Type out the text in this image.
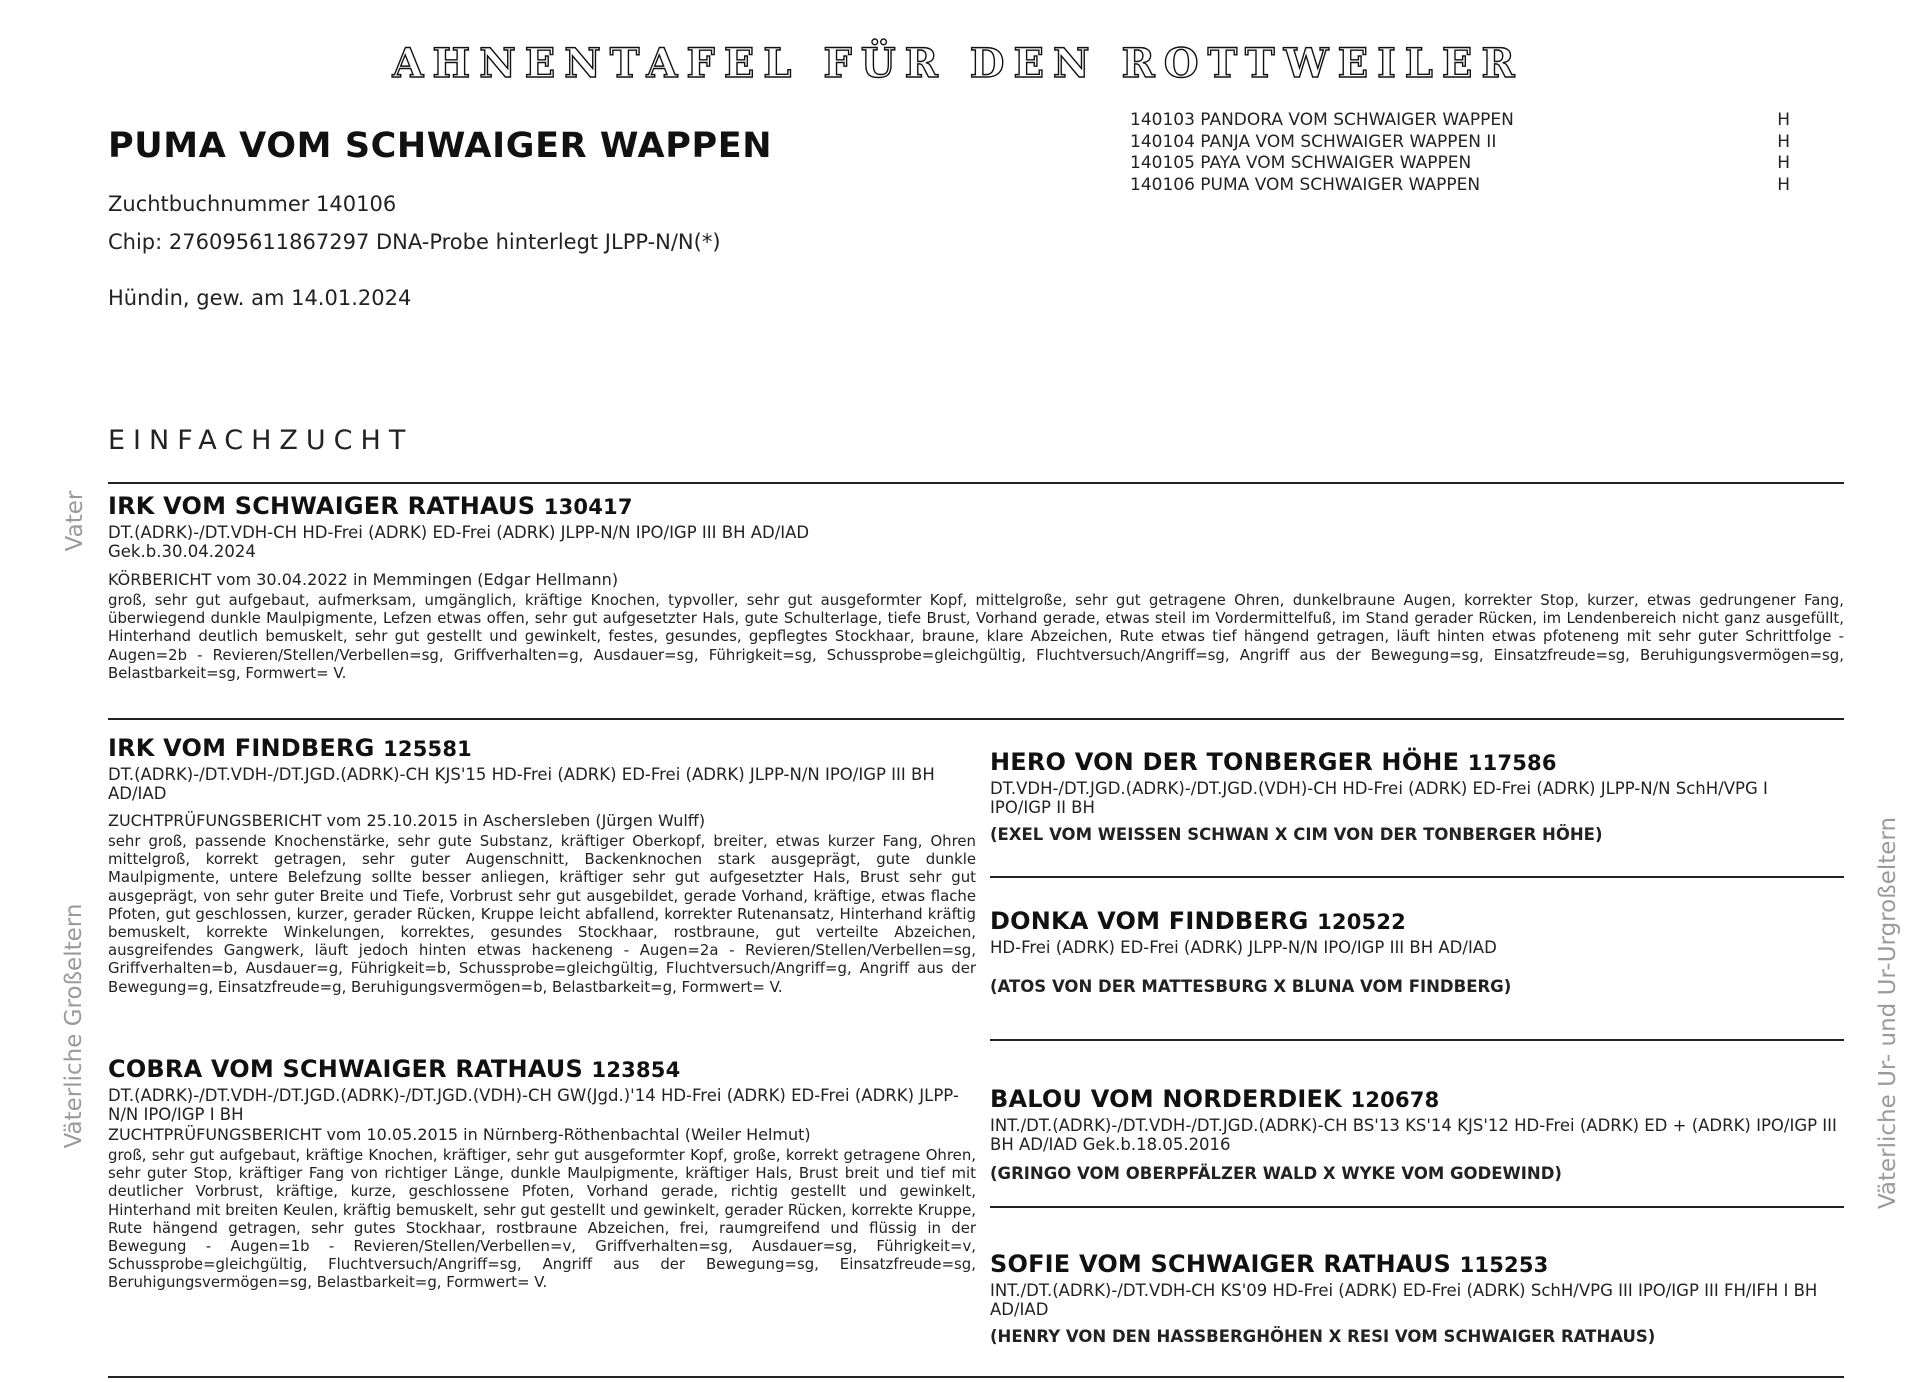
AHNENTAFEL FÜR DEN ROTTWEILER
PUMA VOM SCHWAIGER WAPPEN
Zuchtbuchnummer 140106
Chip: 276095611867297 DNA-Probe hinterlegt JLPP-N/N(*)
Hündin, gew. am 14.01.2024
140103 PANDORA VOM SCHWAIGER WAPPEN	H
140104 PANJA VOM SCHWAIGER WAPPEN II	H
140105 PAYA VOM SCHWAIGER WAPPEN	H
140106 PUMA VOM SCHWAIGER WAPPEN	H
EINFACHZUCHT
Vater
Väterliche Großeltern	Väterliche Ur- und Ur-Urgroßeltern
IRK VOM SCHWAIGER RATHAUS 130417
DT.(ADRK)-/DT.VDH-CH HD-Frei (ADRK) ED-Frei (ADRK) JLPP-N/N IPO/IGP III BH AD/IAD
Gek.b.30.04.2024
KÖRBERICHT vom 30.04.2022 in Memmingen (Edgar Hellmann)
groß, sehr gut aufgebaut, aufmerksam, umgänglich, kräftige Knochen, typvoller, sehr gut ausgeformter Kopf, mittelgroße, sehr gut getragene Ohren, dunkelbraune Augen, korrekter Stop, kurzer, etwas gedrungener Fang, überwiegend dunkle Maulpigmente, Lefzen etwas offen, sehr gut aufgesetzter Hals, gute Schulterlage, tiefe Brust, Vorhand gerade, etwas steil im Vordermittelfuß, im Stand gerader Rücken, im Lendenbereich nicht ganz ausgefüllt, Hinterhand deutlich bemuskelt, sehr gut gestellt und gewinkelt, festes, gesundes, gepflegtes Stockhaar, braune, klare Abzeichen, Rute etwas tief hängend getragen, läuft hinten etwas pfoteneng mit sehr guter Schrittfolge - Augen=2b - Revieren/Stellen/Verbellen=sg, Griffverhalten=g, Ausdauer=sg, Führigkeit=sg, Schussprobe=gleichgültig, Fluchtversuch/Angriff=sg, Angriff aus der Bewegung=sg, Einsatzfreude=sg, Beruhigungsvermögen=sg, Belastbarkeit=sg, Formwert= V.
IRK VOM FINDBERG 125581
DT.(ADRK)-/DT.VDH-/DT.JGD.(ADRK)-CH KJS'15 HD-Frei (ADRK) ED-Frei (ADRK) JLPP-N/N IPO/IGP III BH AD/IAD
ZUCHTPRÜFUNGSBERICHT vom 25.10.2015 in Aschersleben (Jürgen Wulff)
sehr groß, passende Knochenstärke, sehr gute Substanz, kräftiger Oberkopf, breiter, etwas kurzer Fang, Ohren mittelgroß, korrekt getragen, sehr guter Augenschnitt, Backenknochen stark ausgeprägt, gute dunkle Maulpigmente, untere Belefzung sollte besser anliegen, kräftiger sehr gut aufgesetzter Hals, Brust sehr gut ausgeprägt, von sehr guter Breite und Tiefe, Vorbrust sehr gut ausgebildet, gerade Vorhand, kräftige, etwas flache Pfoten, gut geschlossen, kurzer, gerader Rücken, Kruppe leicht abfallend, korrekter Rutenansatz, Hinterhand kräftig bemuskelt, korrekte Winkelungen, korrektes, gesundes Stockhaar, rostbraune, gut verteilte Abzeichen, ausgreifendes Gangwerk, läuft jedoch hinten etwas hackeneng - Augen=2a - Revieren/Stellen/Verbellen=sg, Griffverhalten=b, Ausdauer=g, Führigkeit=b, Schussprobe=gleichgültig, Fluchtversuch/Angriff=g, Angriff aus der Bewegung=g, Einsatzfreude=g, Beruhigungsvermögen=b, Belastbarkeit=g, Formwert= V.
COBRA VOM SCHWAIGER RATHAUS 123854
DT.(ADRK)-/DT.VDH-/DT.JGD.(ADRK)-/DT.JGD.(VDH)-CH GW(Jgd.)'14 HD-Frei (ADRK) ED-Frei (ADRK) JLPP-N/N IPO/IGP I BH
ZUCHTPRÜFUNGSBERICHT vom 10.05.2015 in Nürnberg-Röthenbachtal (Weiler Helmut)
groß, sehr gut aufgebaut, kräftige Knochen, kräftiger, sehr gut ausgeformter Kopf, große, korrekt getragene Ohren, sehr guter Stop, kräftiger Fang von richtiger Länge, dunkle Maulpigmente, kräftiger Hals, Brust breit und tief mit deutlicher Vorbrust, kräftige, kurze, geschlossene Pfoten, Vorhand gerade, richtig gestellt und gewinkelt, Hinterhand mit breiten Keulen, kräftig bemuskelt, sehr gut gestellt und gewinkelt, gerader Rücken, korrekte Kruppe, Rute hängend getragen, sehr gutes Stockhaar, rostbraune Abzeichen, frei, raumgreifend und flüssig in der Bewegung - Augen=1b - Revieren/Stellen/Verbellen=v, Griffverhalten=sg, Ausdauer=sg, Führigkeit=v, Schussprobe=gleichgültig, Fluchtversuch/Angriff=sg, Angriff aus der Bewegung=sg, Einsatzfreude=sg, Beruhigungsvermögen=sg, Belastbarkeit=g, Formwert= V.
HERO VON DER TONBERGER HÖHE 117586
DT.VDH-/DT.JGD.(ADRK)-/DT.JGD.(VDH)-CH HD-Frei (ADRK) ED-Frei (ADRK) JLPP-N/N SchH/VPG I IPO/IGP II BH
(EXEL VOM WEISSEN SCHWAN X CIM VON DER TONBERGER HÖHE)
DONKA VOM FINDBERG 120522
HD-Frei (ADRK) ED-Frei (ADRK) JLPP-N/N IPO/IGP III BH AD/IAD
(ATOS VON DER MATTESBURG X BLUNA VOM FINDBERG)
BALOU VOM NORDERDIEK 120678
INT./DT.(ADRK)-/DT.VDH-/DT.JGD.(ADRK)-CH BS'13 KS'14 KJS'12 HD-Frei (ADRK) ED + (ADRK) IPO/IGP III BH AD/IAD Gek.b.18.05.2016
(GRINGO VOM OBERPFÄLZER WALD X WYKE VOM GODEWIND)
SOFIE VOM SCHWAIGER RATHAUS 115253
INT./DT.(ADRK)-/DT.VDH-CH KS'09 HD-Frei (ADRK) ED-Frei (ADRK) SchH/VPG III IPO/IGP III FH/IFH I BH AD/IAD
(HENRY VON DEN HASSBERGHÖHEN X RESI VOM SCHWAIGER RATHAUS)
